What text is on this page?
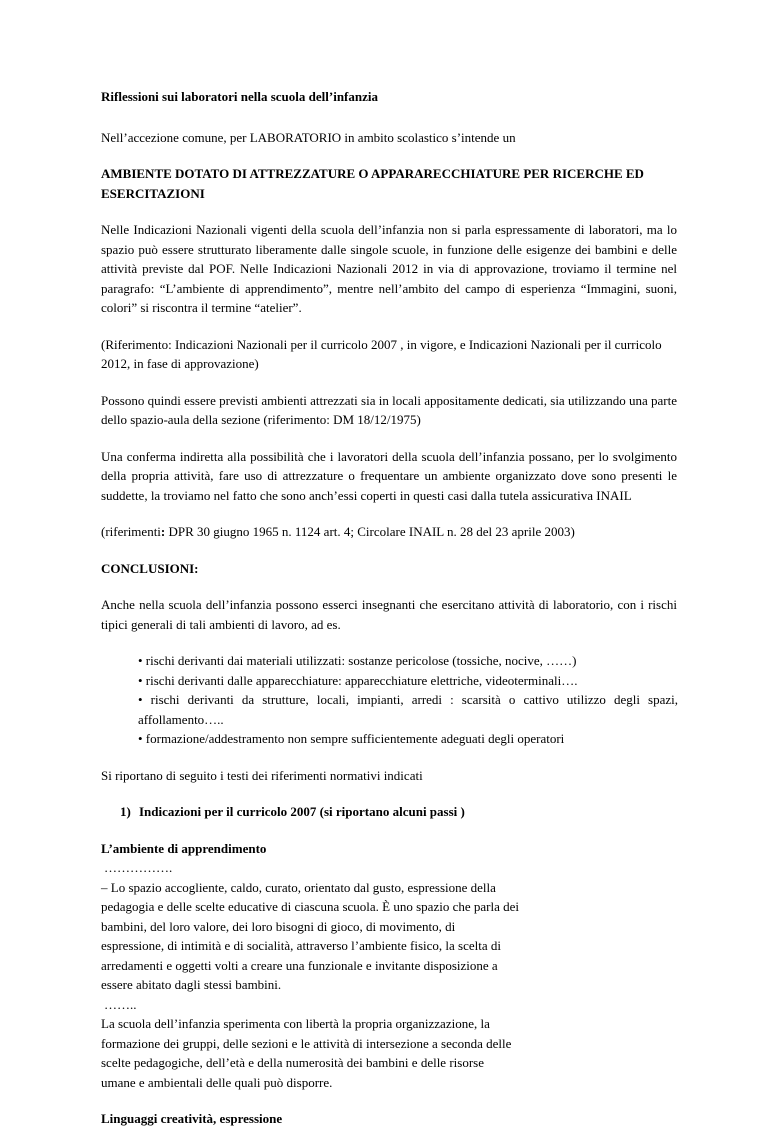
Riflessioni sui laboratori nella scuola dell’infanzia

Nell’accezione comune, per LABORATORIO in ambito scolastico s’intende un

AMBIENTE DOTATO DI ATTREZZATURE O APPARARECCHIATURE PER RICERCHE ED ESERCITAZIONI

Nelle Indicazioni Nazionali vigenti della scuola dell’infanzia non si parla espressamente di laboratori, ma lo spazio può essere strutturato liberamente dalle singole scuole, in funzione delle esigenze dei bambini e delle attività previste dal POF. Nelle Indicazioni Nazionali 2012 in via di approvazione, troviamo il termine nel paragrafo: “L’ambiente di apprendimento”, mentre nell’ambito del campo di esperienza “Immagini, suoni, colori” si riscontra il termine “atelier”.

(Riferimento: Indicazioni Nazionali per il curricolo 2007 , in vigore, e Indicazioni Nazionali per il curricolo 2012, in fase di approvazione)

Possono quindi essere previsti ambienti attrezzati sia in locali appositamente dedicati, sia utilizzando una parte dello spazio-aula della sezione (riferimento: DM 18/12/1975)

Una conferma indiretta alla possibilità che i lavoratori della scuola dell’infanzia possano, per lo svolgimento della propria attività, fare uso di attrezzature o frequentare un ambiente organizzato dove sono presenti le suddette, la troviamo nel fatto che sono anch’essi coperti in questi casi dalla tutela assicurativa INAIL

(riferimenti: DPR 30 giugno 1965 n. 1124 art. 4; Circolare INAIL n. 28 del 23 aprile 2003)

CONCLUSIONI:

Anche nella scuola dell’infanzia possono esserci insegnanti che esercitano attività di laboratorio, con i rischi tipici generali di tali ambienti di lavoro, ad es.

• rischi derivanti dai materiali utilizzati: sostanze pericolose (tossiche, nocive, ……)
• rischi derivanti dalle apparecchiature: apparecchiature elettriche, videoterminali….
• rischi derivanti da strutture, locali, impianti, arredi : scarsità o cattivo utilizzo degli spazi, affollamento…..
• formazione/addestramento non sempre sufficientemente adeguati degli operatori

Si riportano di seguito i testi dei riferimenti normativi indicati

1) Indicazioni per il curricolo 2007 (si riportano alcuni passi )

L’ambiente di apprendimento

…………….

– Lo spazio accogliente, caldo, curato, orientato dal gusto, espressione della pedagogia e delle scelte educative di ciascuna scuola. È uno spazio che parla dei bambini, del loro valore, dei loro bisogni di gioco, di movimento, di espressione, di intimità e di socialità, attraverso l’ambiente fisico, la scelta di arredamenti e oggetti volti a creare una funzionale e invitante disposizione a essere abitato dagli stessi bambini.

……..

La scuola dell’infanzia sperimenta con libertà la propria organizzazione, la formazione dei gruppi, delle sezioni e le attività di intersezione a seconda delle scelte pedagogiche, dell’età e della numerosità dei bambini e delle risorse umane e ambientali delle quali può disporre.

Linguaggi creatività, espressione
